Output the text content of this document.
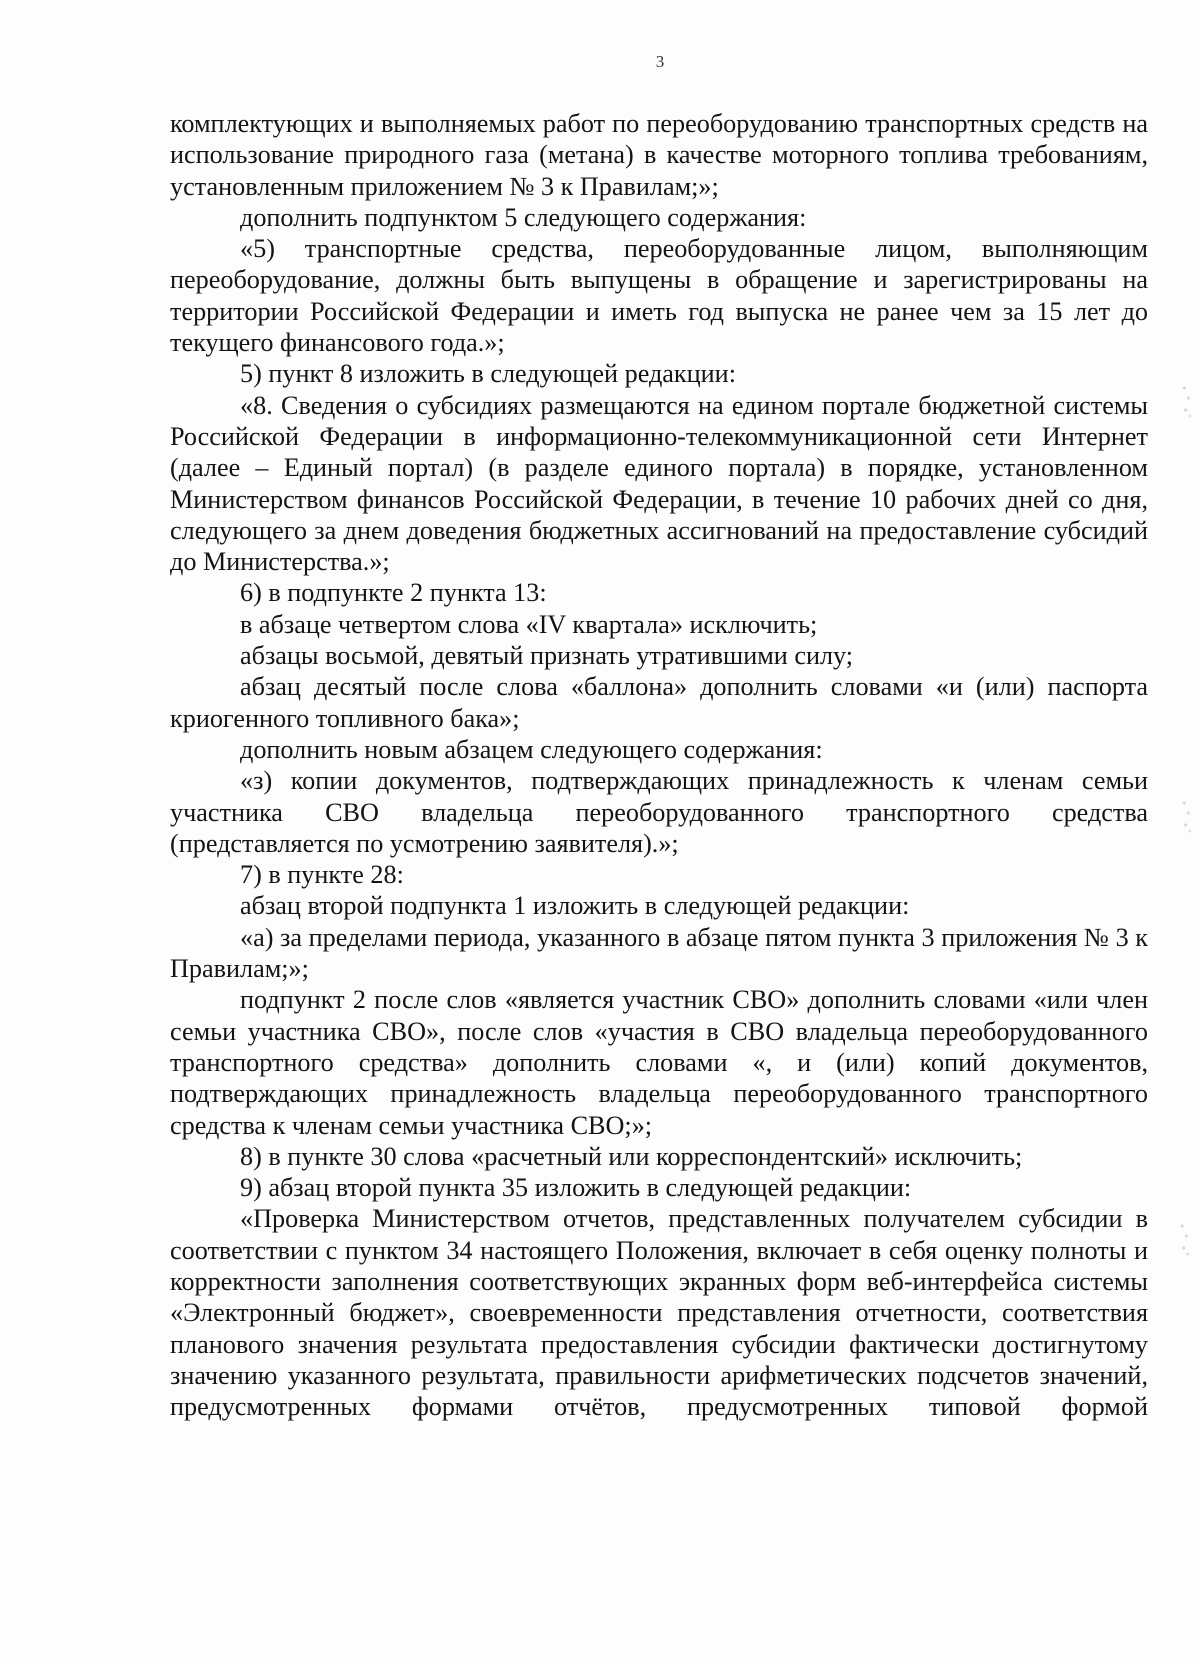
3

комплектующих и выполняемых работ по переоборудованию транспортных средств на использование природного газа (метана) в качестве моторного топлива требованиям, установленным приложением № 3 к Правилам;»;

дополнить подпунктом 5 следующего содержания:

«5) транспортные средства, переоборудованные лицом, выполняющим переоборудование, должны быть выпущены в обращение и зарегистрированы на территории Российской Федерации и иметь год выпуска не ранее чем за 15 лет до текущего финансового года.»;

5) пункт 8 изложить в следующей редакции:

«8. Сведения о субсидиях размещаются на едином портале бюджетной системы Российской Федерации в информационно-телекоммуникационной сети Интернет (далее – Единый портал) (в разделе единого портала) в порядке, установленном Министерством финансов Российской Федерации, в течение 10 рабочих дней со дня, следующего за днем доведения бюджетных ассигнований на предоставление субсидий до Министерства.»;

6) в подпункте 2 пункта 13:

в абзаце четвертом слова «IV квартала» исключить;

абзацы восьмой, девятый признать утратившими силу;

абзац десятый после слова «баллона» дополнить словами «и (или) паспорта криогенного топливного бака»;

дополнить новым абзацем следующего содержания:

«з) копии документов, подтверждающих принадлежность к членам семьи участника СВО владельца переоборудованного транспортного средства (представляется по усмотрению заявителя).»;

7) в пункте 28:

абзац второй подпункта 1 изложить в следующей редакции:

«а) за пределами периода, указанного в абзаце пятом пункта 3 приложения № 3 к Правилам;»;

подпункт 2 после слов «является участник СВО» дополнить словами «или член семьи участника СВО», после слов «участия в СВО владельца переоборудованного транспортного средства» дополнить словами «, и (или) копий документов, подтверждающих принадлежность владельца переоборудованного транспортного средства к членам семьи участника СВО;»;

8) в пункте 30 слова «расчетный или корреспондентский» исключить;

9) абзац второй пункта 35 изложить в следующей редакции:

«Проверка Министерством отчетов, представленных получателем субсидии в соответствии с пунктом 34 настоящего Положения, включает в себя оценку полноты и корректности заполнения соответствующих экранных форм веб-интерфейса системы «Электронный бюджет», своевременности представления отчетности, соответствия планового значения результата предоставления субсидии фактически достигнутому значению указанного результата, правильности арифметических подсчетов значений, предусмотренных формами отчётов, предусмотренных типовой формой
